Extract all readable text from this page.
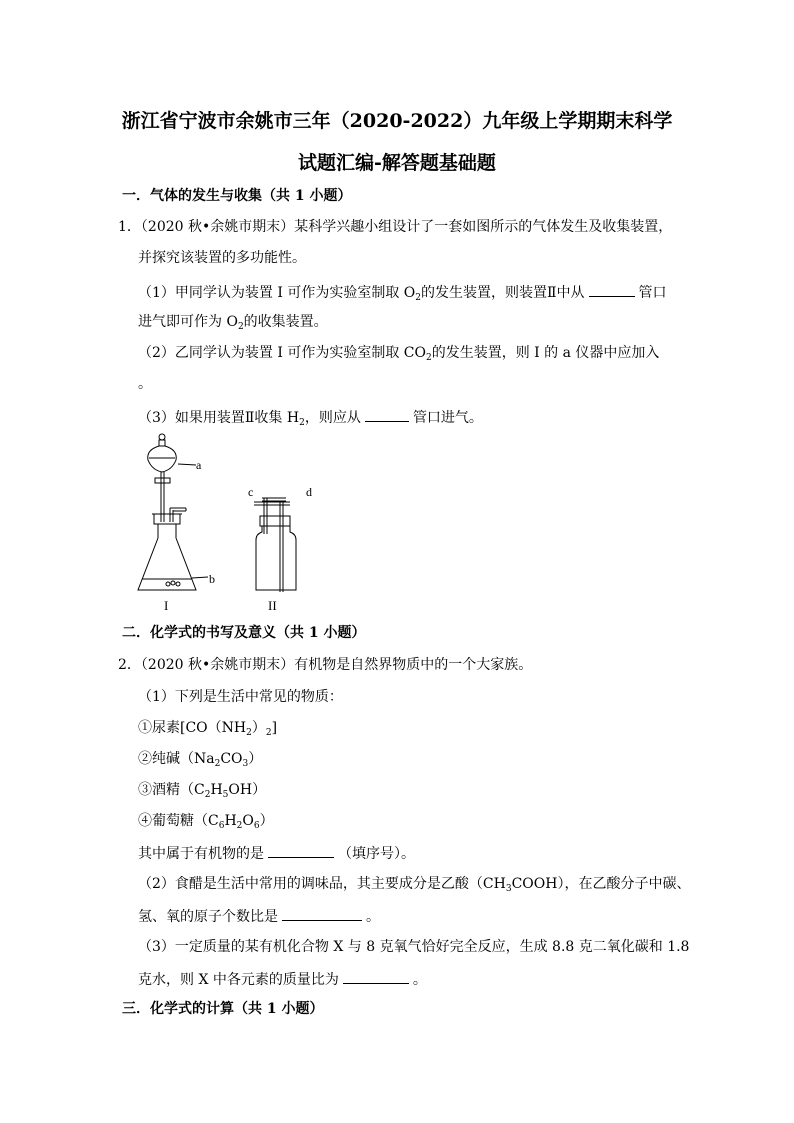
浙江省宁波市余姚市三年（2020-2022）九年级上学期期末科学
试题汇编-解答题基础题
一．气体的发生与收集（共 1 小题）
1．（2020 秋•余姚市期末）某科学兴趣小组设计了一套如图所示的气体发生及收集装置，
并探究该装置的多功能性。
（1）甲同学认为装置 I 可作为实验室制取 $O_2$的发生装置，则装置Ⅱ中从	管口
进气即可作为 $O_2$的收集装置。
（2）乙同学认为装置 I 可作为实验室制取 $CO_2$的发生装置，则 I 的 a 仪器中应加入
。
（3）如果用装置Ⅱ收集 $H_2$，则应从	管口进气。
a
b
c	d
I	II
二．化学式的书写及意义（共 1 小题）
2．（2020 秋•余姚市期末）有机物是自然界物质中的一个大家族。
（1）下列是生活中常见的物质：
①尿素$[CO(NH_2)_2]$
②纯碱$(Na_2CO_3)$
③酒精$(C_2H_5OH)$
④葡萄糖$(C_6H_2O_6)$
其中属于有机物的是	（填序号）。
（2）食醋是生活中常用的调味品，其主要成分是乙酸$(CH_3COOH)$，在乙酸分子中碳、
氢、氧的原子个数比是	。
（3）一定质量的某有机化合物 X 与 8 克氧气恰好完全反应，生成 8.8 克二氧化碳和 1.8
克水，则 X 中各元素的质量比为	。
三．化学式的计算（共 1 小题）
